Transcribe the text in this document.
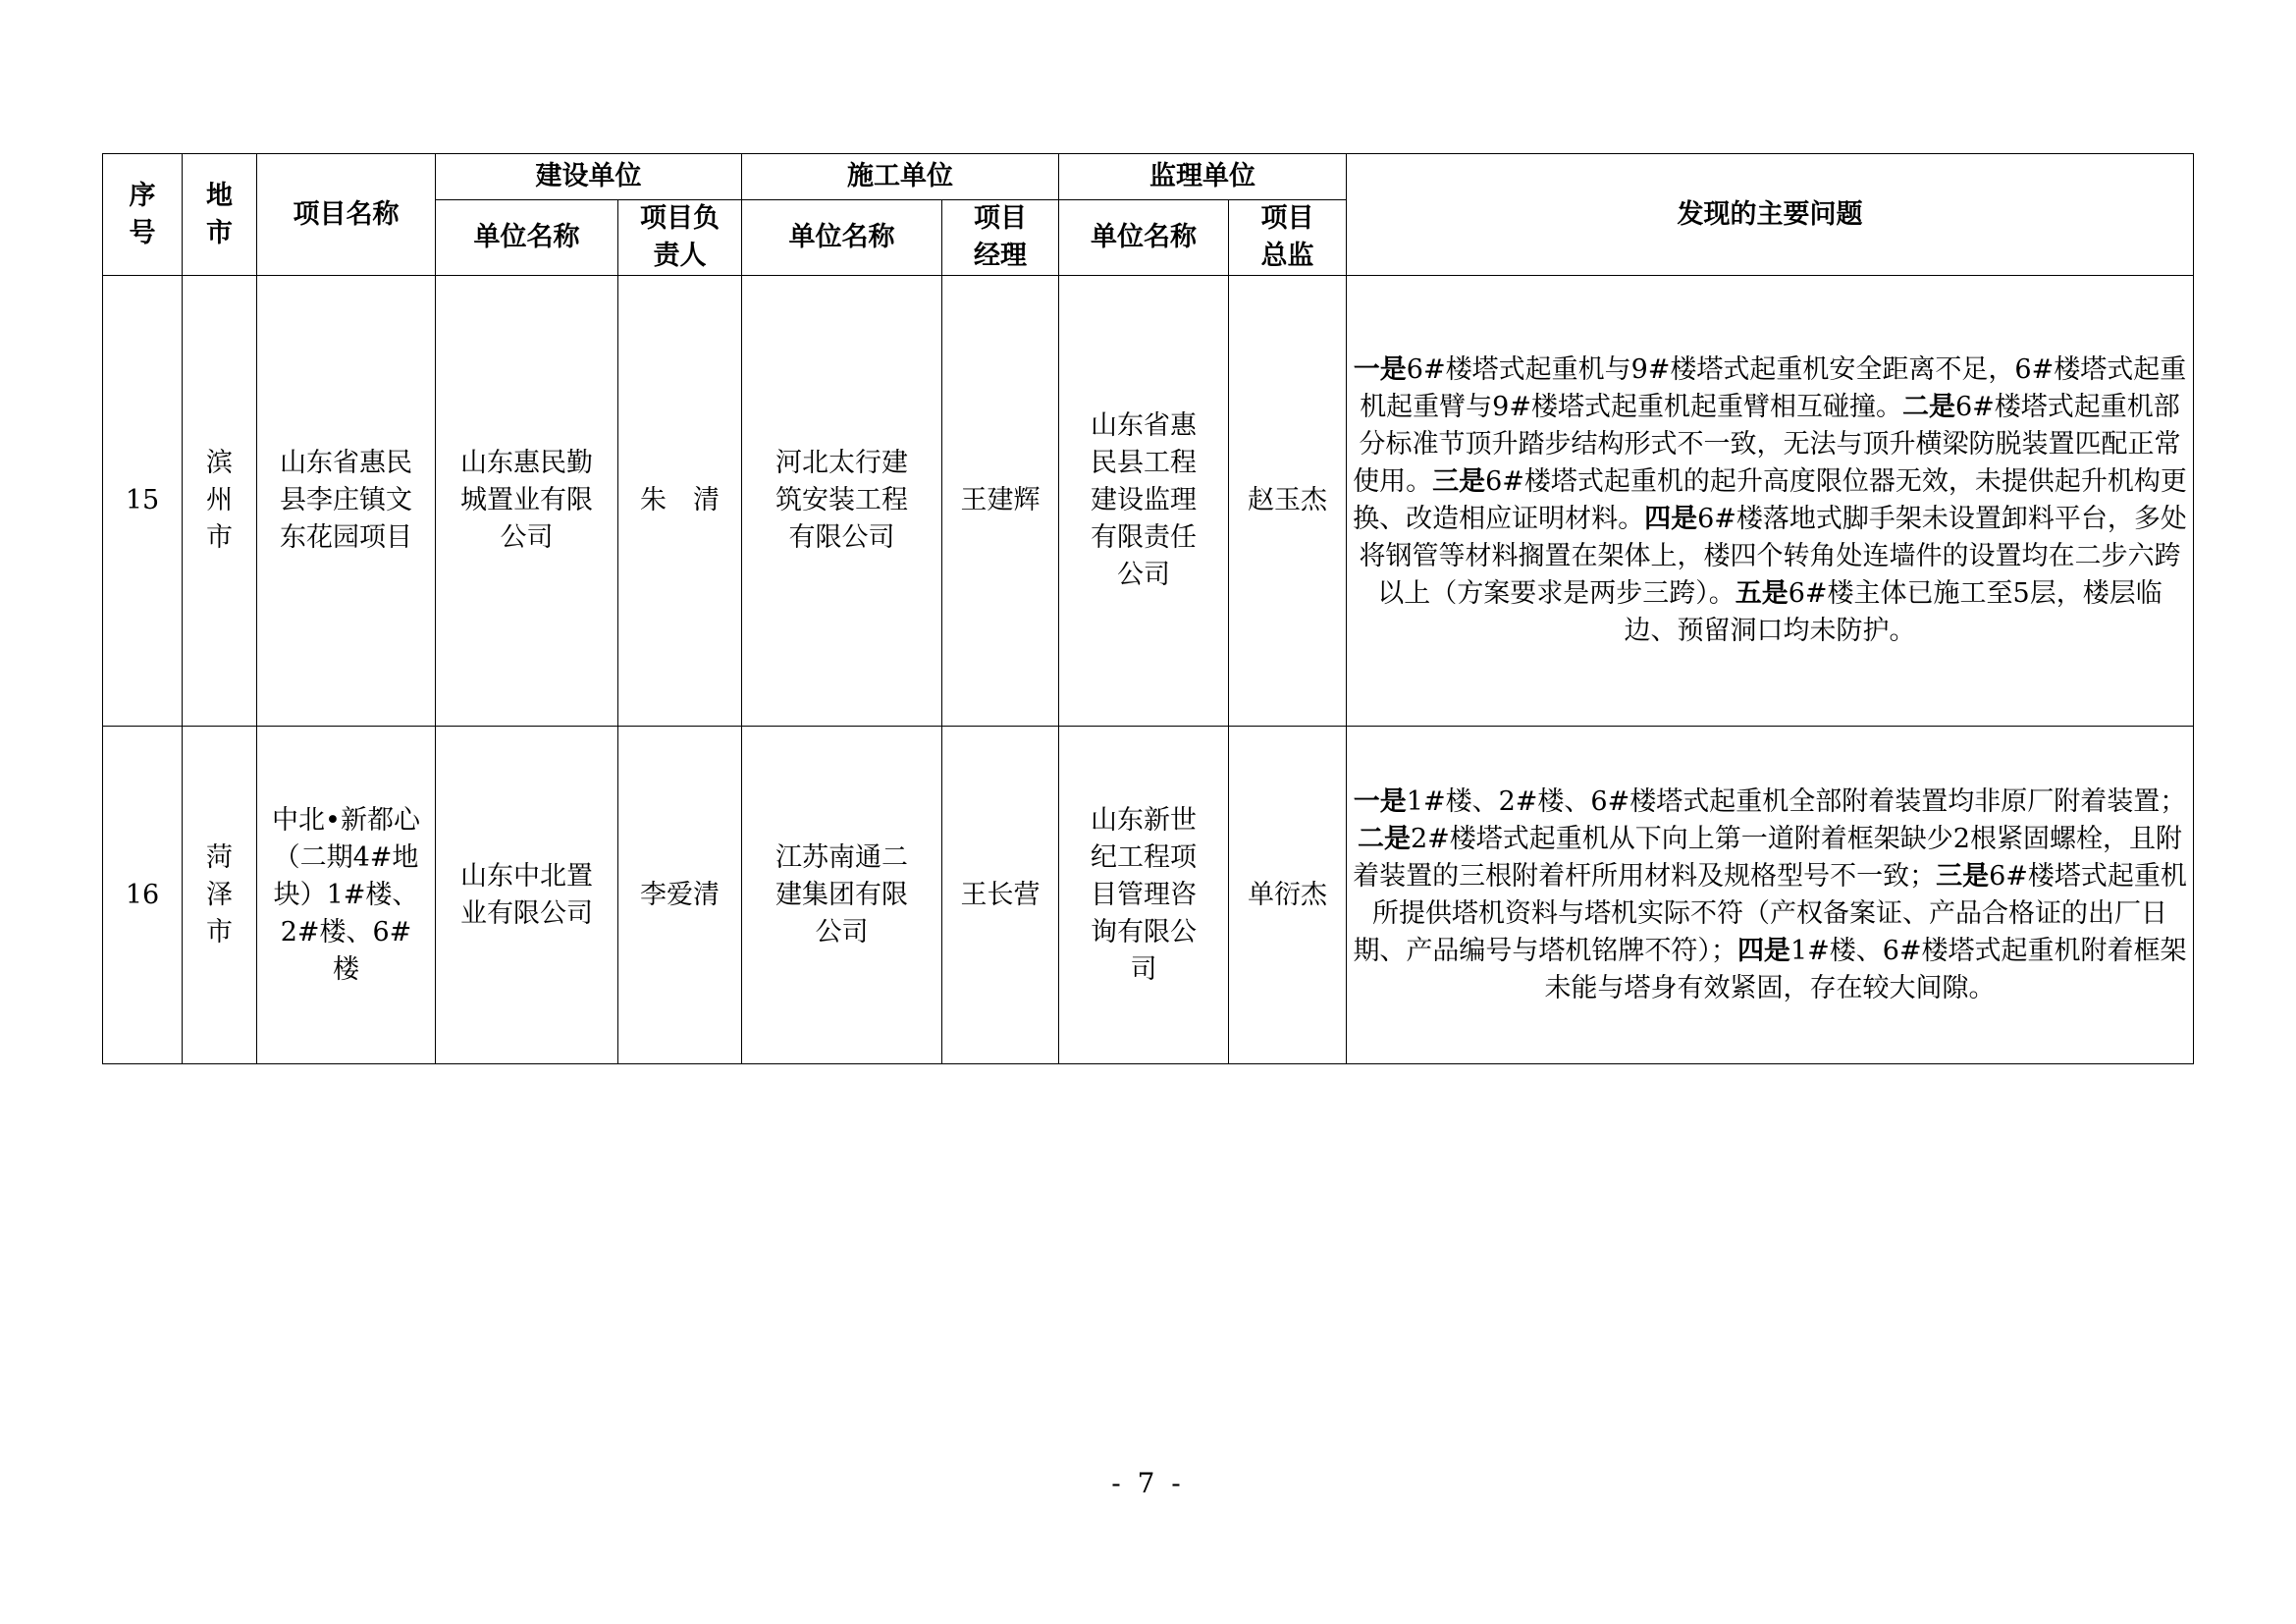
序号	地市	项目名称	建设单位		施工单位		监理单位		发现的主要问题
			单位名称	项目负责人	单位名称	项目经理	单位名称	项目总监	
15	滨州市	山东省惠民县李庄镇文东花园项目	山东惠民勤城置业有限公司	朱　清	河北太行建筑安装工程有限公司	王建辉	山东省惠民县工程建设监理有限责任公司	赵玉杰	一是6#楼塔式起重机与9#楼塔式起重机安全距离不足，6#楼塔式起重机起重臂与9#楼塔式起重机起重臂相互碰撞。二是6#楼塔式起重机部分标准节顶升踏步结构形式不一致，无法与顶升横梁防脱装置匹配正常使用。三是6#楼塔式起重机的起升高度限位器无效，未提供起升机构更换、改造相应证明材料。四是6#楼落地式脚手架未设置卸料平台，多处将钢管等材料搁置在架体上，楼四个转角处连墙件的设置均在二步六跨以上（方案要求是两步三跨）。五是6#楼主体已施工至5层，楼层临边、预留洞口均未防护。
16	菏泽市	中北•新都心（二期4#地块）1#楼、2#楼、6#楼	山东中北置业有限公司	李爱清	江苏南通二建集团有限公司	王长营	山东新世纪工程项目管理咨询有限公司	单衍杰	一是1#楼、2#楼、6#楼塔式起重机全部附着装置均非原厂附着装置；二是2#楼塔式起重机从下向上第一道附着框架缺少2根紧固螺栓，且附着装置的三根附着杆所用材料及规格型号不一致；三是6#楼塔式起重机所提供塔机资料与塔机实际不符（产权备案证、产品合格证的出厂日期、产品编号与塔机铭牌不符）；四是1#楼、6#楼塔式起重机附着框架未能与塔身有效紧固，存在较大间隙。
- 7 -
